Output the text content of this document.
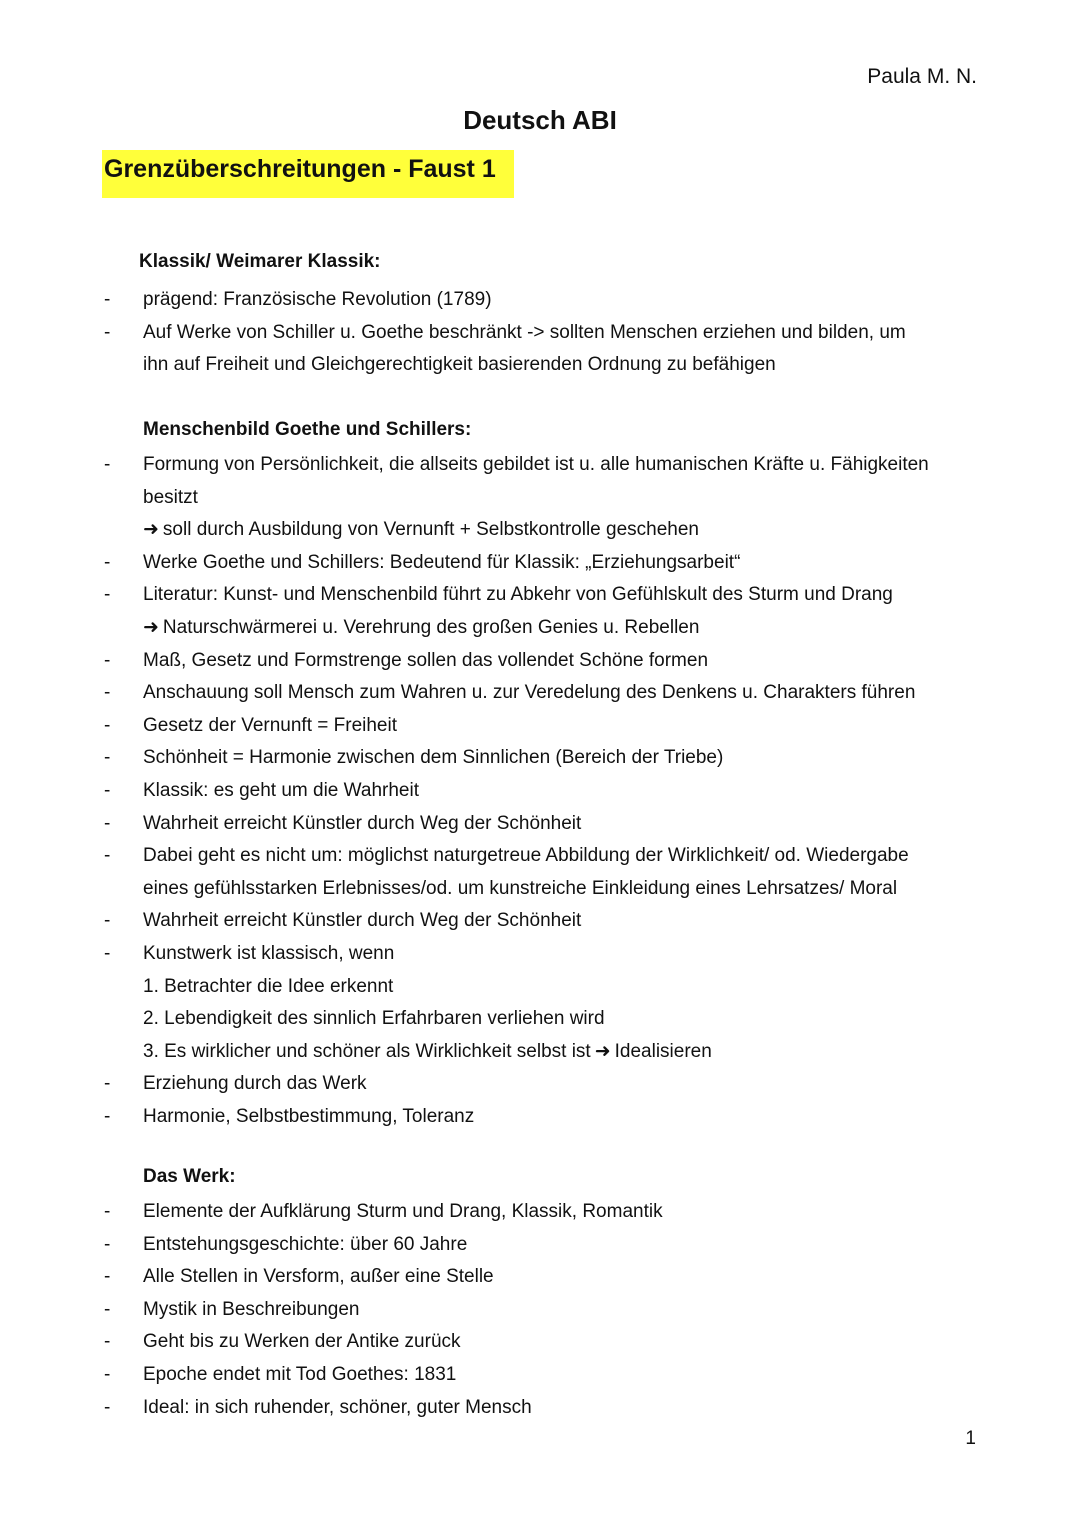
Paula M. N.

Deutsch ABI
Grenzüberschreitungen - Faust 1
Klassik/ Weimarer Klassik:
- prägend: Französische Revolution (1789)
- Auf Werke von Schiller u. Goethe beschränkt -> sollten Menschen erziehen und bilden, um
ihn auf Freiheit und Gleichgerechtigkeit basierenden Ordnung zu befähigen
Menschenbild Goethe und Schillers:
- Formung von Persönlichkeit, die allseits gebildet ist u. alle humanischen Kräfte u. Fähigkeiten
besitzt
➜ soll durch Ausbildung von Vernunft + Selbstkontrolle geschehen
- Werke Goethe und Schillers: Bedeutend für Klassik: „Erziehungsarbeit“
- Literatur: Kunst- und Menschenbild führt zu Abkehr von Gefühlskult des Sturm und Drang
➜ Naturschwärmerei u. Verehrung des großen Genies u. Rebellen
- Maß, Gesetz und Formstrenge sollen das vollendet Schöne formen
- Anschauung soll Mensch zum Wahren u. zur Veredelung des Denkens u. Charakters führen
- Gesetz der Vernunft = Freiheit
- Schönheit = Harmonie zwischen dem Sinnlichen (Bereich der Triebe)
- Klassik: es geht um die Wahrheit
- Wahrheit erreicht Künstler durch Weg der Schönheit
- Dabei geht es nicht um: möglichst naturgetreue Abbildung der Wirklichkeit/ od. Wiedergabe
eines gefühlsstarken Erlebnisses/od. um kunstreiche Einkleidung eines Lehrsatzes/ Moral
- Wahrheit erreicht Künstler durch Weg der Schönheit
- Kunstwerk ist klassisch, wenn
1. Betrachter die Idee erkennt
2. Lebendigkeit des sinnlich Erfahrbaren verliehen wird
3. Es wirklicher und schöner als Wirklichkeit selbst ist ➜ Idealisieren
- Erziehung durch das Werk
- Harmonie, Selbstbestimmung, Toleranz
Das Werk:
- Elemente der Aufklärung Sturm und Drang, Klassik, Romantik
- Entstehungsgeschichte: über 60 Jahre
- Alle Stellen in Versform, außer eine Stelle
- Mystik in Beschreibungen
- Geht bis zu Werken der Antike zurück
- Epoche endet mit Tod Goethes: 1831
- Ideal: in sich ruhender, schöner, guter Mensch

1
